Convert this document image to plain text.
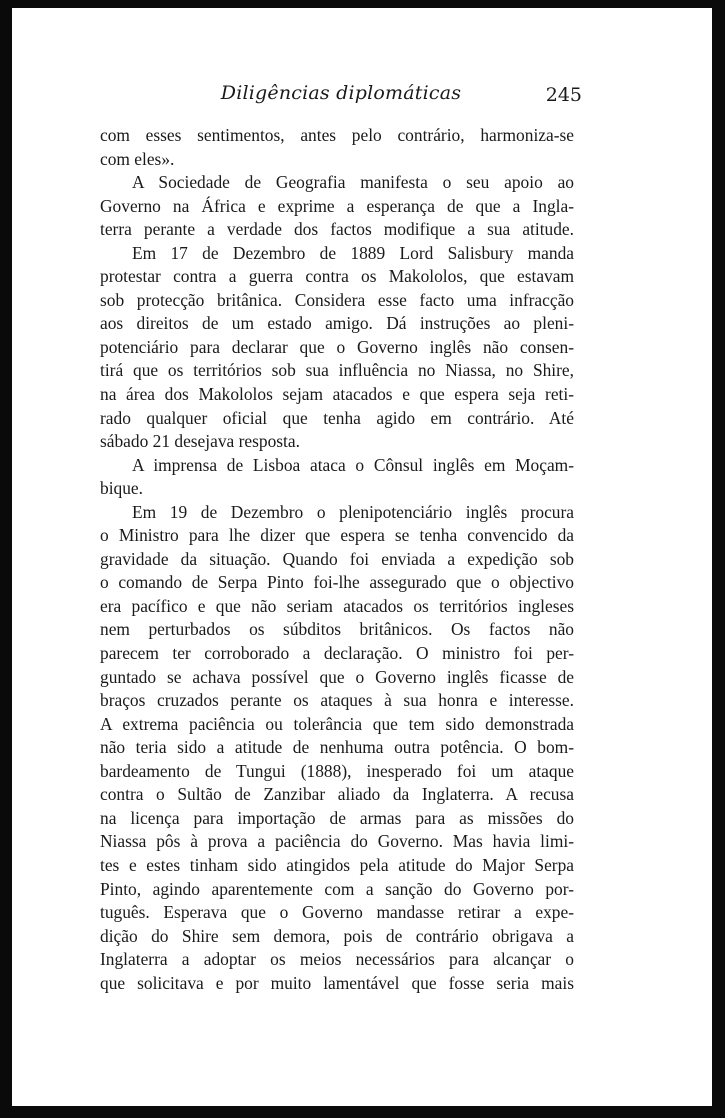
Diligências diplomáticas	245
com esses sentimentos, antes pelo contrário, harmoniza-se
com eles».
A Sociedade de Geografia manifesta o seu apoio ao
Governo na África e exprime a esperança de que a Ingla-
terra perante a verdade dos factos modifique a sua atitude.
Em 17 de Dezembro de 1889 Lord Salisbury manda
protestar contra a guerra contra os Makololos, que estavam
sob protecção britânica. Considera esse facto uma infracção
aos direitos de um estado amigo. Dá instruções ao pleni-
potenciário para declarar que o Governo inglês não consen-
tirá que os territórios sob sua influência no Niassa, no Shire,
na área dos Makololos sejam atacados e que espera seja reti-
rado qualquer oficial que tenha agido em contrário. Até
sábado 21 desejava resposta.
A imprensa de Lisboa ataca o Cônsul inglês em Moçam-
bique.
Em 19 de Dezembro o plenipotenciário inglês procura
o Ministro para lhe dizer que espera se tenha convencido da
gravidade da situação. Quando foi enviada a expedição sob
o comando de Serpa Pinto foi-lhe assegurado que o objectivo
era pacífico e que não seriam atacados os territórios ingleses
nem perturbados os súbditos britânicos. Os factos não
parecem ter corroborado a declaração. O ministro foi per-
guntado se achava possível que o Governo inglês ficasse de
braços cruzados perante os ataques à sua honra e interesse.
A extrema paciência ou tolerância que tem sido demonstrada
não teria sido a atitude de nenhuma outra potência. O bom-
bardeamento de Tungui (1888), inesperado foi um ataque
contra o Sultão de Zanzibar aliado da Inglaterra. A recusa
na licença para importação de armas para as missões do
Niassa pôs à prova a paciência do Governo. Mas havia limi-
tes e estes tinham sido atingidos pela atitude do Major Serpa
Pinto, agindo aparentemente com a sanção do Governo por-
tuguês. Esperava que o Governo mandasse retirar a expe-
dição do Shire sem demora, pois de contrário obrigava a
Inglaterra a adoptar os meios necessários para alcançar o
que solicitava e por muito lamentável que fosse seria mais
